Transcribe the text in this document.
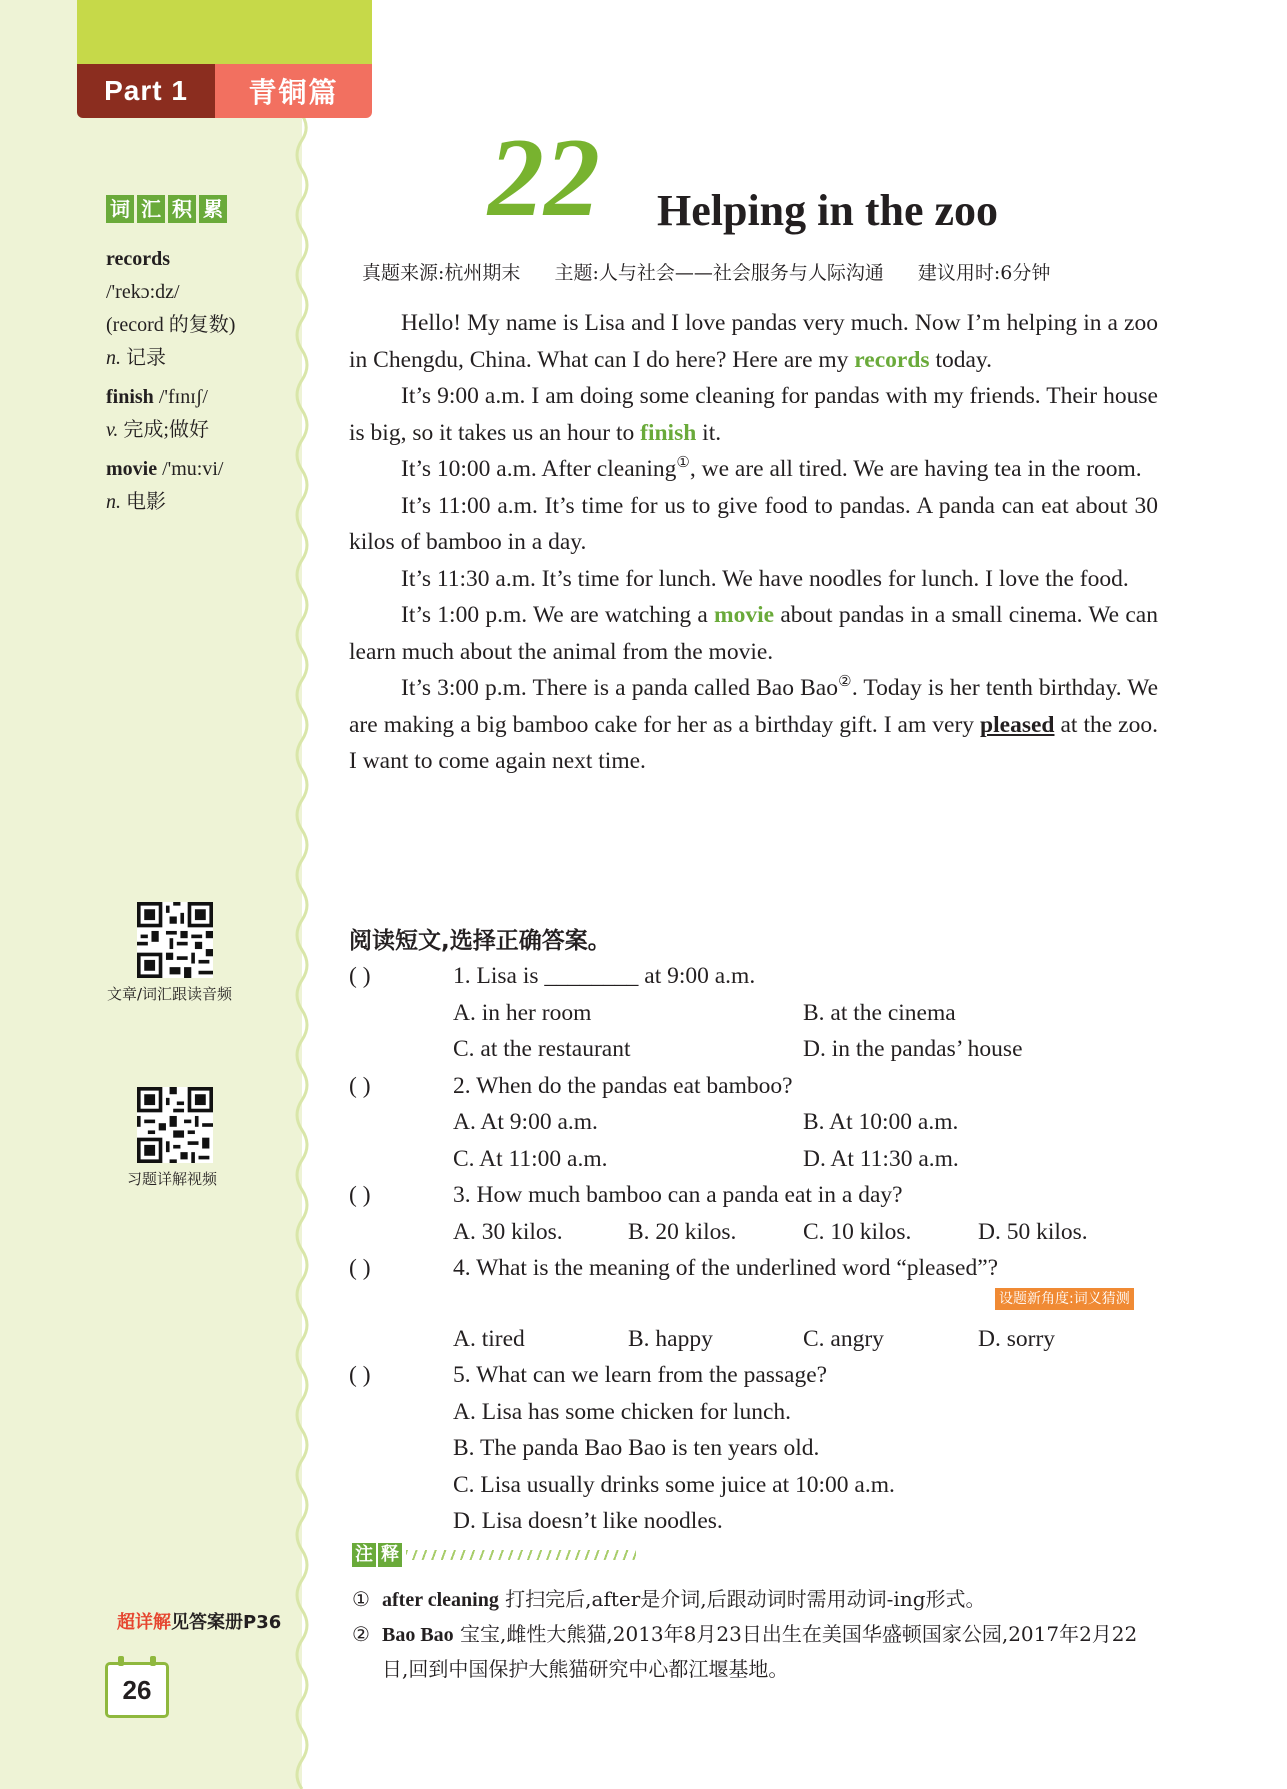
Part 1	青铜篇
词 汇 积 累
records
/'rekɔ:dz/
(record 的复数)
n. 记录
finish /'fɪnɪʃ/
v. 完成;做好
movie /'mu:vi/
n. 电影
文章/词汇跟读音频
习题详解视频
超详解见答案册P36
26
22 Helping in the zoo
真题来源:杭州期末 主题:人与社会——社会服务与人际沟通 建议用时:6分钟

Hello! My name is Lisa and I love pandas very much. Now I’m helping in a zoo in Chengdu, China. What can I do here? Here are my records today.

It’s 9:00 a.m. I am doing some cleaning for pandas with my friends. Their house is big, so it takes us an hour to finish it.

It’s 10:00 a.m. After cleaning①, we are all tired. We are having tea in the room.

It’s 11:00 a.m. It’s time for us to give food to pandas. A panda can eat about 30 kilos of bamboo in a day.

It’s 11:30 a.m. It’s time for lunch. We have noodles for lunch. I love the food.

It’s 1:00 p.m. We are watching a movie about pandas in a small cinema. We can learn much about the animal from the movie.

It’s 3:00 p.m. There is a panda called Bao Bao②. Today is her tenth birthday. We are making a big bamboo cake for her as a birthday gift. I am very pleased at the zoo. I want to come again next time.

阅读短文,选择正确答案。
( )	1. Lisa is ________ at 9:00 a.m.
A. in her room	B. at the cinema
C. at the restaurant	D. in the pandas’ house
( )	2. When do the pandas eat bamboo?
A. At 9:00 a.m.	B. At 10:00 a.m.
C. At 11:00 a.m.	D. At 11:30 a.m.
( )	3. How much bamboo can a panda eat in a day?
A. 30 kilos.	B. 20 kilos.	C. 10 kilos.	D. 50 kilos.
( )	4. What is the meaning of the underlined word “pleased”?
A. tired	B. happy	C. angry	D. sorry
( )	5. What can we learn from the passage?
A. Lisa has some chicken for lunch.
B. The panda Bao Bao is ten years old.
C. Lisa usually drinks some juice at 10:00 a.m.
D. Lisa doesn’t like noodles.
设题新角度:词义猜测
注 释
① after cleaning 打扫完后,after是介词,后跟动词时需用动词-ing形式。
② Bao Bao 宝宝,雌性大熊猫,2013年8月23日出生在美国华盛顿国家公园,2017年2月22日,回到中国保护大熊猫研究中心都江堰基地。
